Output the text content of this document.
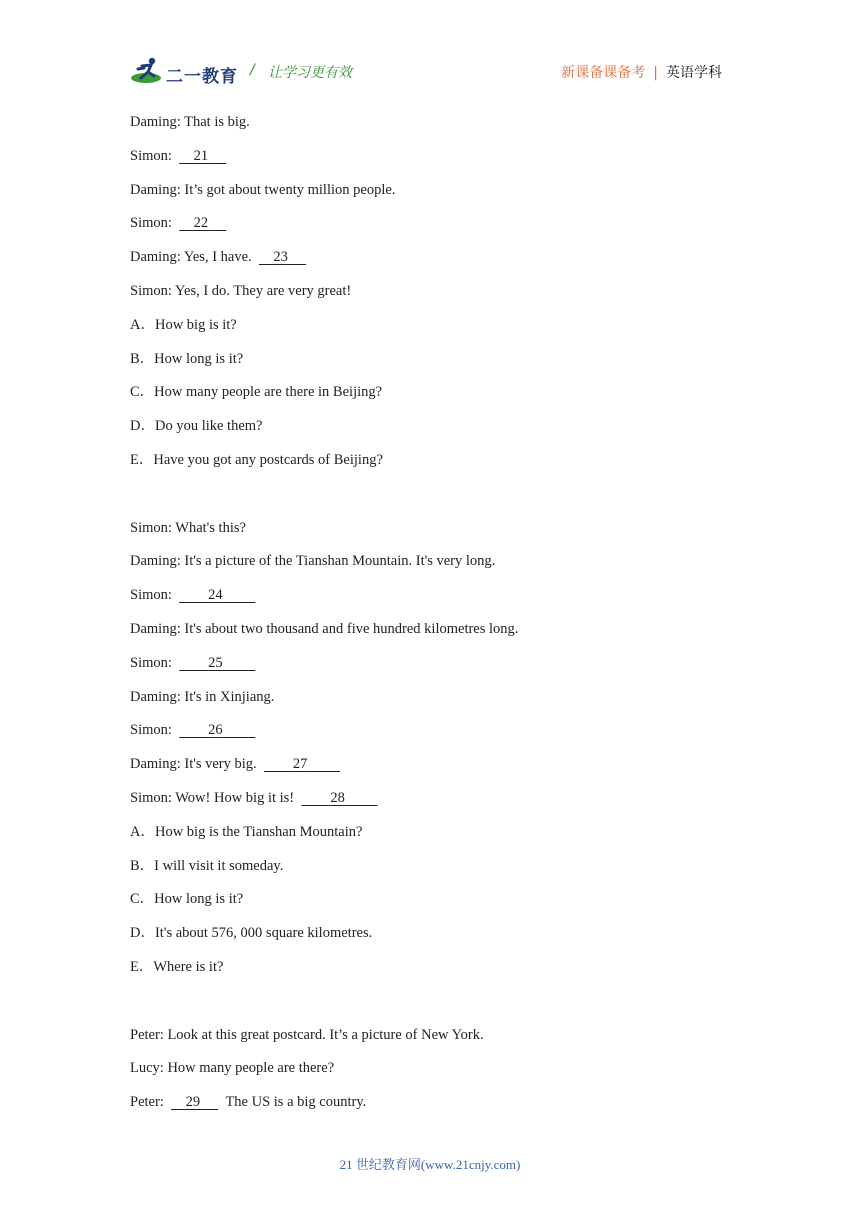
二一教育 / 让学习更有效	新课备课备考 | 英语学科
Daming: That is big.
Simon: 21
Daming: It’s got about twenty million people.
Simon: 22
Daming: Yes, I have. 23
Simon: Yes, I do. They are very great!
A．How big is it?
B．How long is it?
C．How many people are there in Beijing?
D．Do you like them?
E．Have you got any postcards of Beijing?
Simon: What's this?
Daming: It's a picture of the Tianshan Mountain. It's very long.
Simon:	24
Daming: It's about two thousand and five hundred kilometres long.
Simon:	25
Daming: It's in Xinjiang.
Simon:	26
Daming: It's very big.	27
Simon: Wow! How big it is!	28
A．How big is the Tianshan Mountain?
B．I will visit it someday.
C．How long is it?
D．It's about 576, 000 square kilometres.
E．Where is it?
Peter: Look at this great postcard. It’s a picture of New York.
Lucy: How many people are there?
Peter: 29 The US is a big country.
21 世纪教育网(www.21cnjy.com)
